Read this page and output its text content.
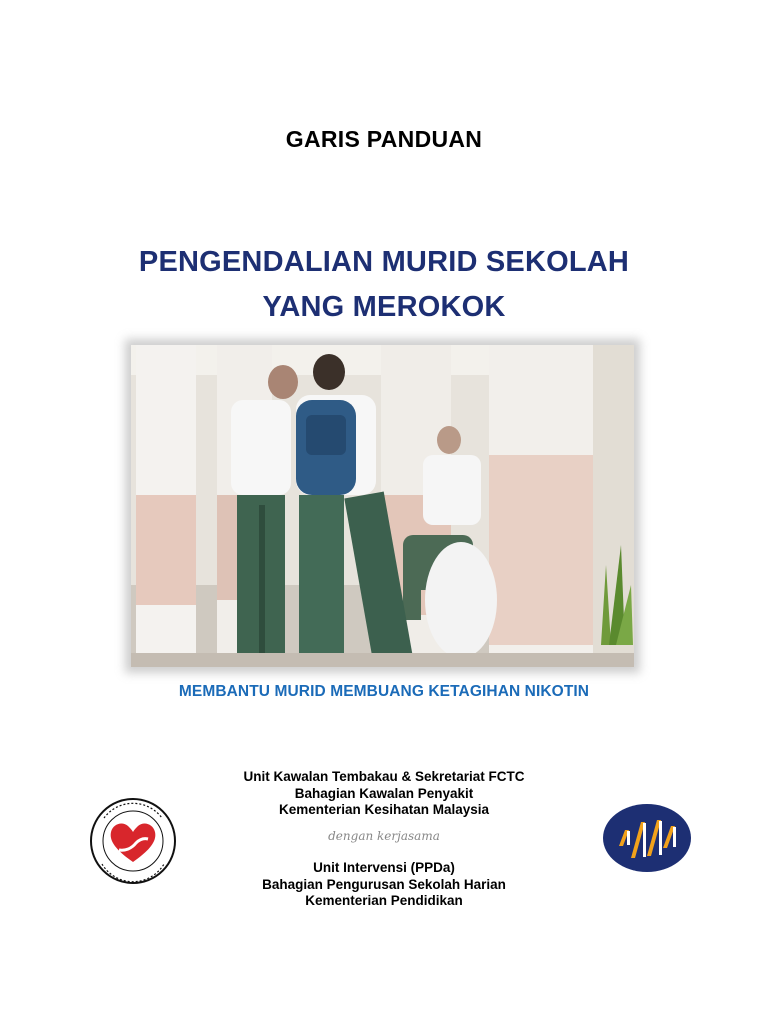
GARIS PANDUAN
PENGENDALIAN MURID SEKOLAH
YANG MEROKOK
MEMBANTU MURID MEMBUANG KETAGIHAN NIKOTIN
Unit Kawalan Tembakau & Sekretariat FCTC
Bahagian Kawalan Penyakit
Kementerian Kesihatan Malaysia
dengan kerjasama
Unit Intervensi (PPDa)
Bahagian Pengurusan Sekolah Harian
Kementerian Pendidikan
